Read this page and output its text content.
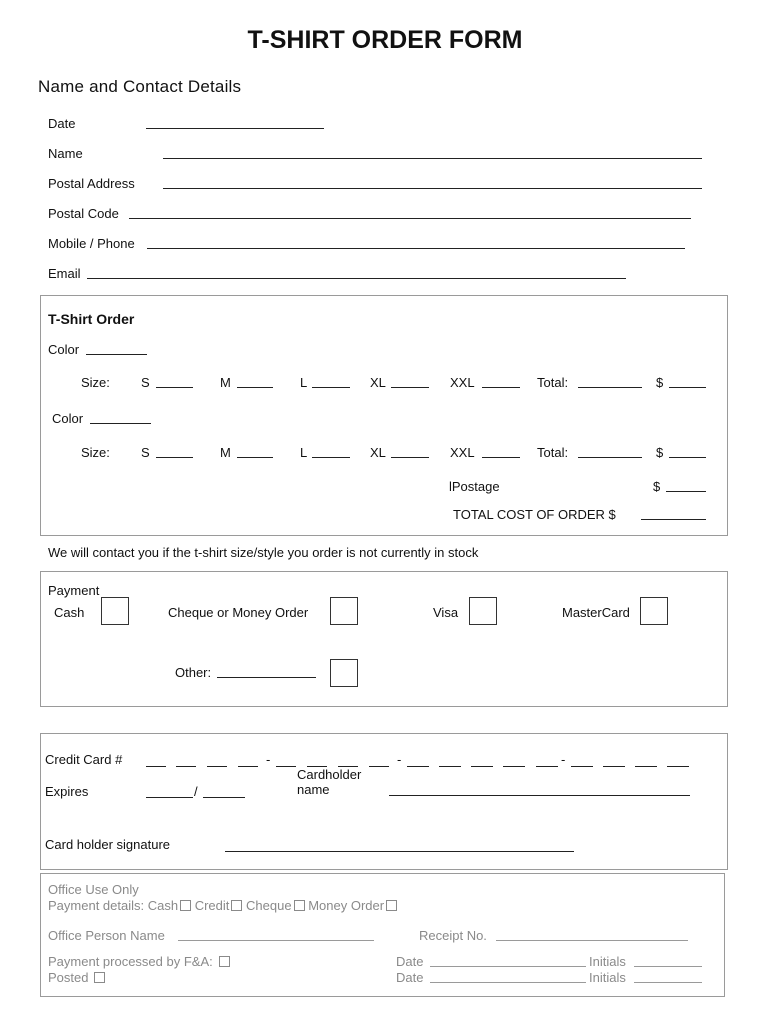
T-SHIRT ORDER FORM
Name and Contact Details
Date
Name
Postal Address
Postal Code
Mobile / Phone
Email
T-Shirt Order
Color
Size: S	M	L	XL	XXL	Total:	$
Color
Size: S	M	L	XL	XXL	Total:	$
lPostage	$
TOTAL COST OF ORDER $
We will contact you if the t-shirt size/style you order is not currently in stock
Payment
Cash	Cheque or Money Order	Visa	MasterCard
Other:
Credit Card #	-	-	-
Expires	/
Cardholder
name
Card holder signature
Office Use Only
Payment details: Cash Credit Cheque Money Order
Office Person Name	Receipt No.
Payment processed by F&A:
Posted
Date	Initials
Date	Initials
